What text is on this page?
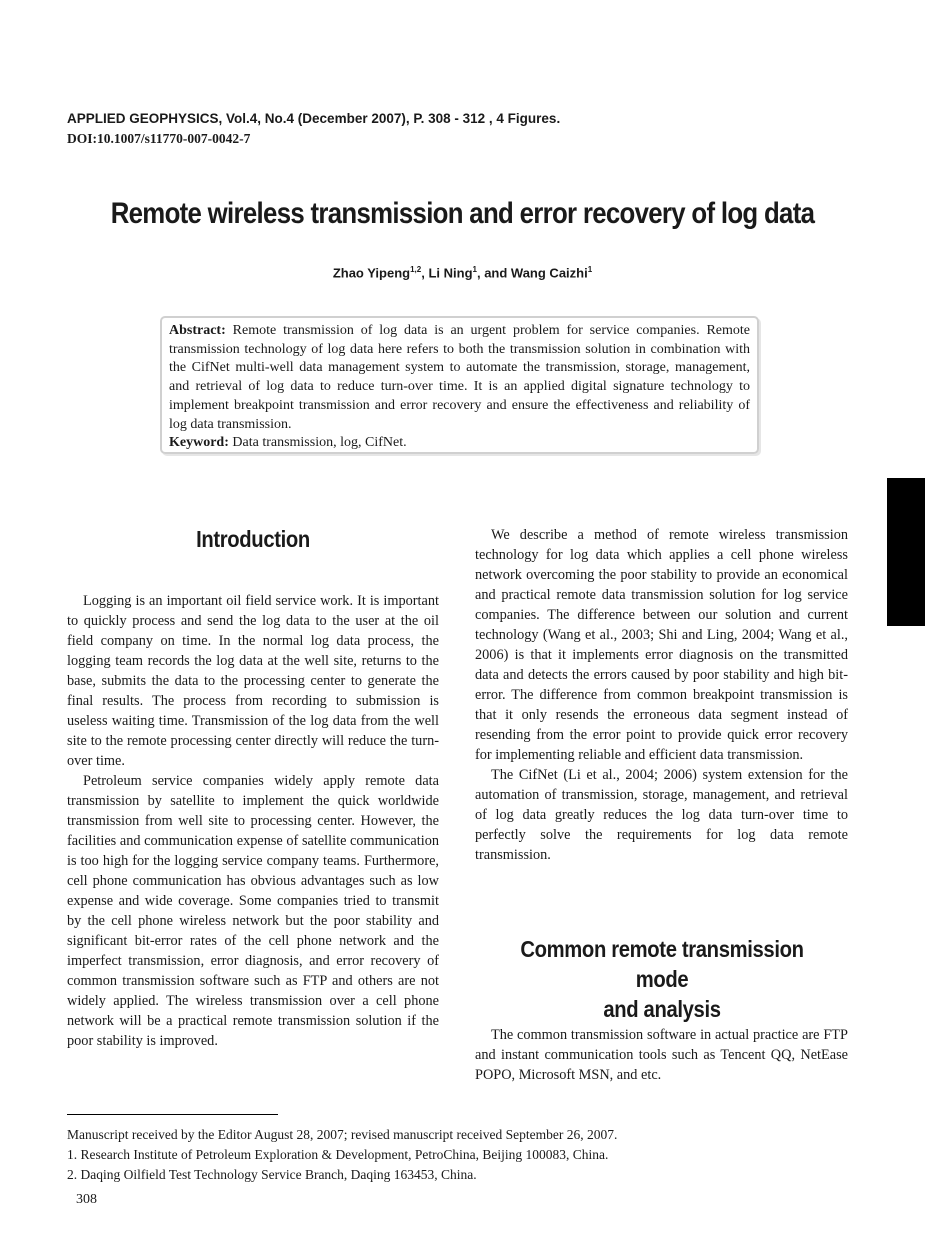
APPLIED GEOPHYSICS, Vol.4, No.4 (December 2007), P. 308 - 312 , 4 Figures.
DOI:10.1007/s11770-007-0042-7
Remote wireless transmission and error recovery of log data
Zhao Yipeng$^{1,2}$, Li Ning$^1$, and Wang Caizhi$^1$

Abstract: Remote transmission of log data is an urgent problem for service companies. Remote transmission technology of log data here refers to both the transmission solution in combination with the CifNet multi-well data management system to automate the transmission, storage, management, and retrieval of log data to reduce turn-over time. It is an applied digital signature technology to implement breakpoint transmission and error recovery and ensure the effectiveness and reliability of log data transmission.

Keyword: Data transmission, log, CifNet.

Introduction

Logging is an important oil field service work. It is important to quickly process and send the log data to the user at the oil field company on time. In the normal log data process, the logging team records the log data at the well site, returns to the base, submits the data to the processing center to generate the final results. The process from recording to submission is useless waiting time. Transmission of the log data from the well site to the remote processing center directly will reduce the turn-over time.

Petroleum service companies widely apply remote data transmission by satellite to implement the quick worldwide transmission from well site to processing center. However, the facilities and communication expense of satellite communication is too high for the logging service company teams. Furthermore, cell phone communication has obvious advantages such as low expense and wide coverage. Some companies tried to transmit by the cell phone wireless network but the poor stability and significant bit-error rates of the cell phone network and the imperfect transmission, error diagnosis, and error recovery of common transmission software such as FTP and others are not widely applied. The wireless transmission over a cell phone network will be a practical remote transmission solution if the poor stability is improved.

We describe a method of remote wireless transmission technology for log data which applies a cell phone wireless network overcoming the poor stability to provide an economical and practical remote data transmission solution for log service companies. The difference between our solution and current technology (Wang et al., 2003; Shi and Ling, 2004; Wang et al., 2006) is that it implements error diagnosis on the transmitted data and detects the errors caused by poor stability and high bit-error. The difference from common breakpoint transmission is that it only resends the erroneous data segment instead of resending from the error point to provide quick error recovery for implementing reliable and efficient data transmission.

The CifNet (Li et al., 2004; 2006) system extension for the automation of transmission, storage, management, and retrieval of log data greatly reduces the log data turn-over time to perfectly solve the requirements for log data remote transmission.

Common remote transmission mode
and analysis

The common transmission software in actual practice are FTP and instant communication tools such as Tencent QQ, NetEase POPO, Microsoft MSN, and etc.

Manuscript received by the Editor August 28, 2007; revised manuscript received September 26, 2007.
1. Research Institute of Petroleum Exploration & Development, PetroChina, Beijing 100083, China.
2. Daqing Oilfield Test Technology Service Branch, Daqing 163453, China.
308
